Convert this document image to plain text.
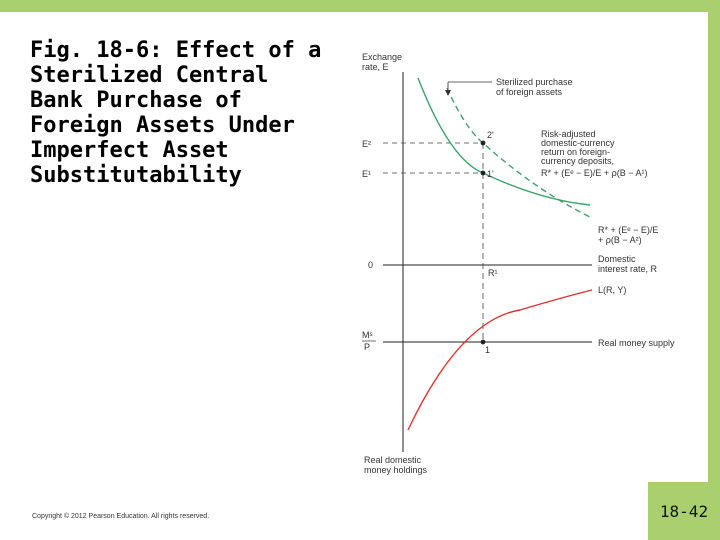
Fig. 18-6: Effect of a Sterilized Central Bank Purchase of Foreign Assets Under Imperfect Asset Substitutability
Exchange
rate, E
E²
E¹
0
Mˢ
P
Sterilized purchase
of foreign assets
2'
1'
1
R¹
Risk-adjusted
domestic-currency
return on foreign-
currency deposits,
R* + (Eᵉ − E)/E + ρ(B − A¹)
R* + (Eᵉ − E)/E
+ ρ(B − A²)
Domestic
interest rate, R
L(R, Y)
Real money supply
Real domestic
money holdings
Copyright © 2012 Pearson Education. All rights reserved.	18-42
